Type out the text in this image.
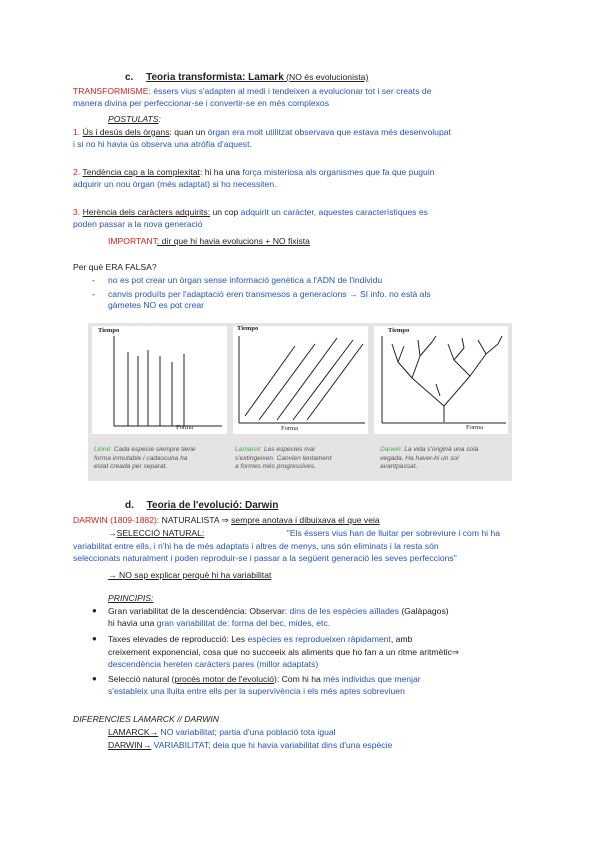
c. Teoria transformista: Lamark (NO és evolucionista)
TRANSFORMISME: éssers vius s'adapten al medi i tendeixen a evolucionar tot i ser creats de
manera divina per perfeccionar-se i convertir-se en més complexos
POSTULATS:
1. Ús i desús dels òrgans: quan un òrgan era molt utilitzat observava que estava més desenvolupat
i si no hi havia ús observa una atròfia d'aquest.
2. Tendència cap a la complexitat: hi ha una força misteriosa als organismes que fa que puguin
adquirir un nou òrgan (més adaptat) si ho necessiten.
3. Herència dels caràcters adquirits: un cop adquirit un caràcter, aquestes característiques es
poden passar a la nova generació
IMPORTANT: dir que hi havia evolucions + NO fixista
Per què ERA FALSA?
- no es pot crear un òrgan sense informació genètica a l'ADN de l'individu
- canvis produïts per l'adaptació eren transmesos a generacions → SI info. no està als
gàmetes NO es pot crear
Tiempo
Forma
Linné: Cada especie siempre tiene
forma inmutable i cadascuna ha
estat creada per separat.
Tiempo
Forma
Lamarck: Les especies mai
s'extingeixen. Canvien lentament
a formes més progressives.
Tiempo
Forma
Darwin: La vida s'originà una sola
vegada. Ha haver-hi un sol
avantpassat.
d. Teoria de l'evolució: Darwin
DARWIN (1809-1882): NATURALISTA ⇒ sempre anotava i dibuixava el que veia
→SELECCIÓ NATURAL:	"Els éssers vius han de lluitar per sobreviure i com hi ha
variabilitat entre ells, i n'hi ha de més adaptats i altres de menys, uns són eliminats i la resta són
seleccionats naturalment i poden reproduir-se i passar a la següent generació les seves perfeccions"
→ NO sap explicar perquè hi ha variabilitat
PRINCIPIS:
● Gran variabilitat de la descendència: Observar: dins de les espècies aïllades (Galàpagos)
hi havia una gran variabilitat de: forma del bec, mides, etc.
● Taxes elevades de reproducció: Les espècies es reprodueixen ràpidament, amb
creixement exponencial, cosa que no succeeix als aliments que ho fan a un ritme aritmètic⇒
descendència hereten caràcters pares (millor adaptats)
● Selecció natural (procés motor de l'evolució): Com hi ha més individus que menjar
s'estableix una lluita entre ells per la supervivència i els més aptes sobreviuen
DIFERENCIES LAMARCK // DARWIN
LAMARCK→ NO variabilitat; partia d'una població tota igual
DARWIN→ VARIABILITAT; deia que hi havia variabilitat dins d'una espècie
